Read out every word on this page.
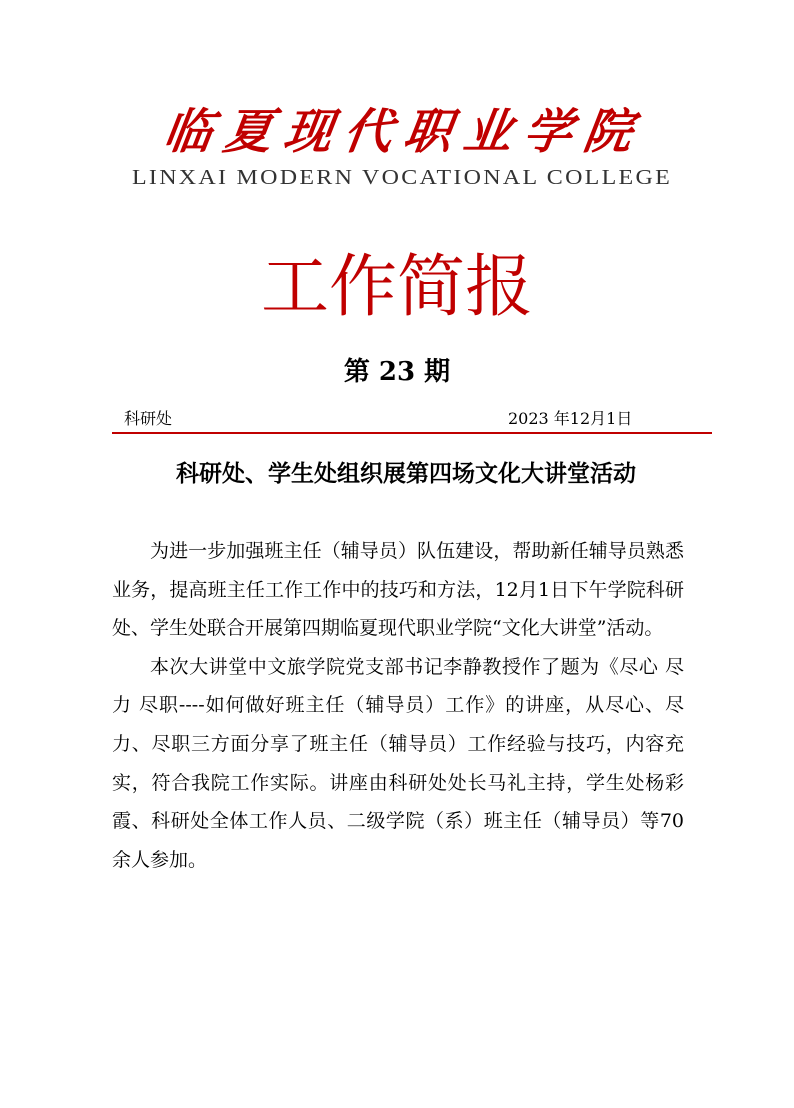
临夏现代职业学院
LINXAI MODERN VOCATIONAL COLLEGE
工作简报
第 23 期
科研处	2023 年12月1日
科研处、学生处组织展第四场文化大讲堂活动

为进一步加强班主任（辅导员）队伍建设，帮助新任辅导员熟悉业务，提高班主任工作工作中的技巧和方法，12月1日下午学院科研处、学生处联合开展第四期临夏现代职业学院“文化大讲堂”活动。

本次大讲堂中文旅学院党支部书记李静教授作了题为《尽心 尽力 尽职----如何做好班主任（辅导员）工作》的讲座，从尽心、尽力、尽职三方面分享了班主任（辅导员）工作经验与技巧，内容充实，符合我院工作实际。讲座由科研处处长马礼主持，学生处杨彩霞、科研处全体工作人员、二级学院（系）班主任（辅导员）等70余人参加。
